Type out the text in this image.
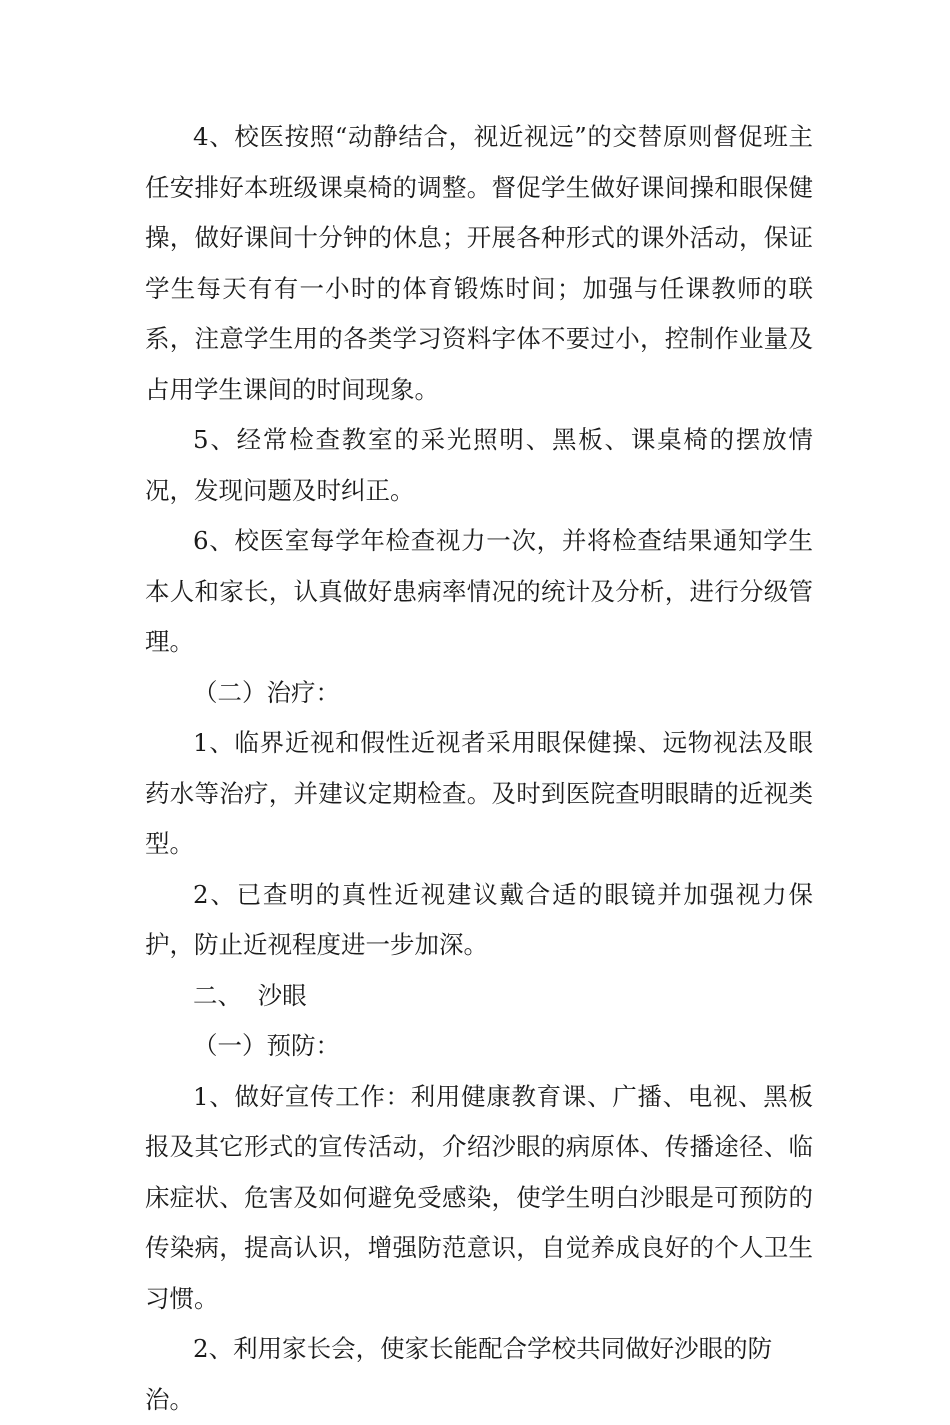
4、校医按照“动静结合，视近视远”的交替原则督促班主任安排好本班级课桌椅的调整。督促学生做好课间操和眼保健操，做好课间十分钟的休息；开展各种形式的课外活动，保证学生每天有有一小时的体育锻炼时间；加强与任课教师的联系，注意学生用的各类学习资料字体不要过小，控制作业量及占用学生课间的时间现象。

5、经常检查教室的采光照明、黑板、课桌椅的摆放情况，发现问题及时纠正。

6、校医室每学年检查视力一次，并将检查结果通知学生本人和家长，认真做好患病率情况的统计及分析，进行分级管理。

（二）治疗：

1、临界近视和假性近视者采用眼保健操、远物视法及眼药水等治疗，并建议定期检查。及时到医院查明眼睛的近视类型。

2、已查明的真性近视建议戴合适的眼镜并加强视力保护，防止近视程度进一步加深。

二、  沙眼

（一）预防：

1、做好宣传工作：利用健康教育课、广播、电视、黑板报及其它形式的宣传活动，介绍沙眼的病原体、传播途径、临床症状、危害及如何避免受感染，使学生明白沙眼是可预防的传染病，提高认识，增强防范意识，自觉养成良好的个人卫生习惯。

2、利用家长会，使家长能配合学校共同做好沙眼的防治。
